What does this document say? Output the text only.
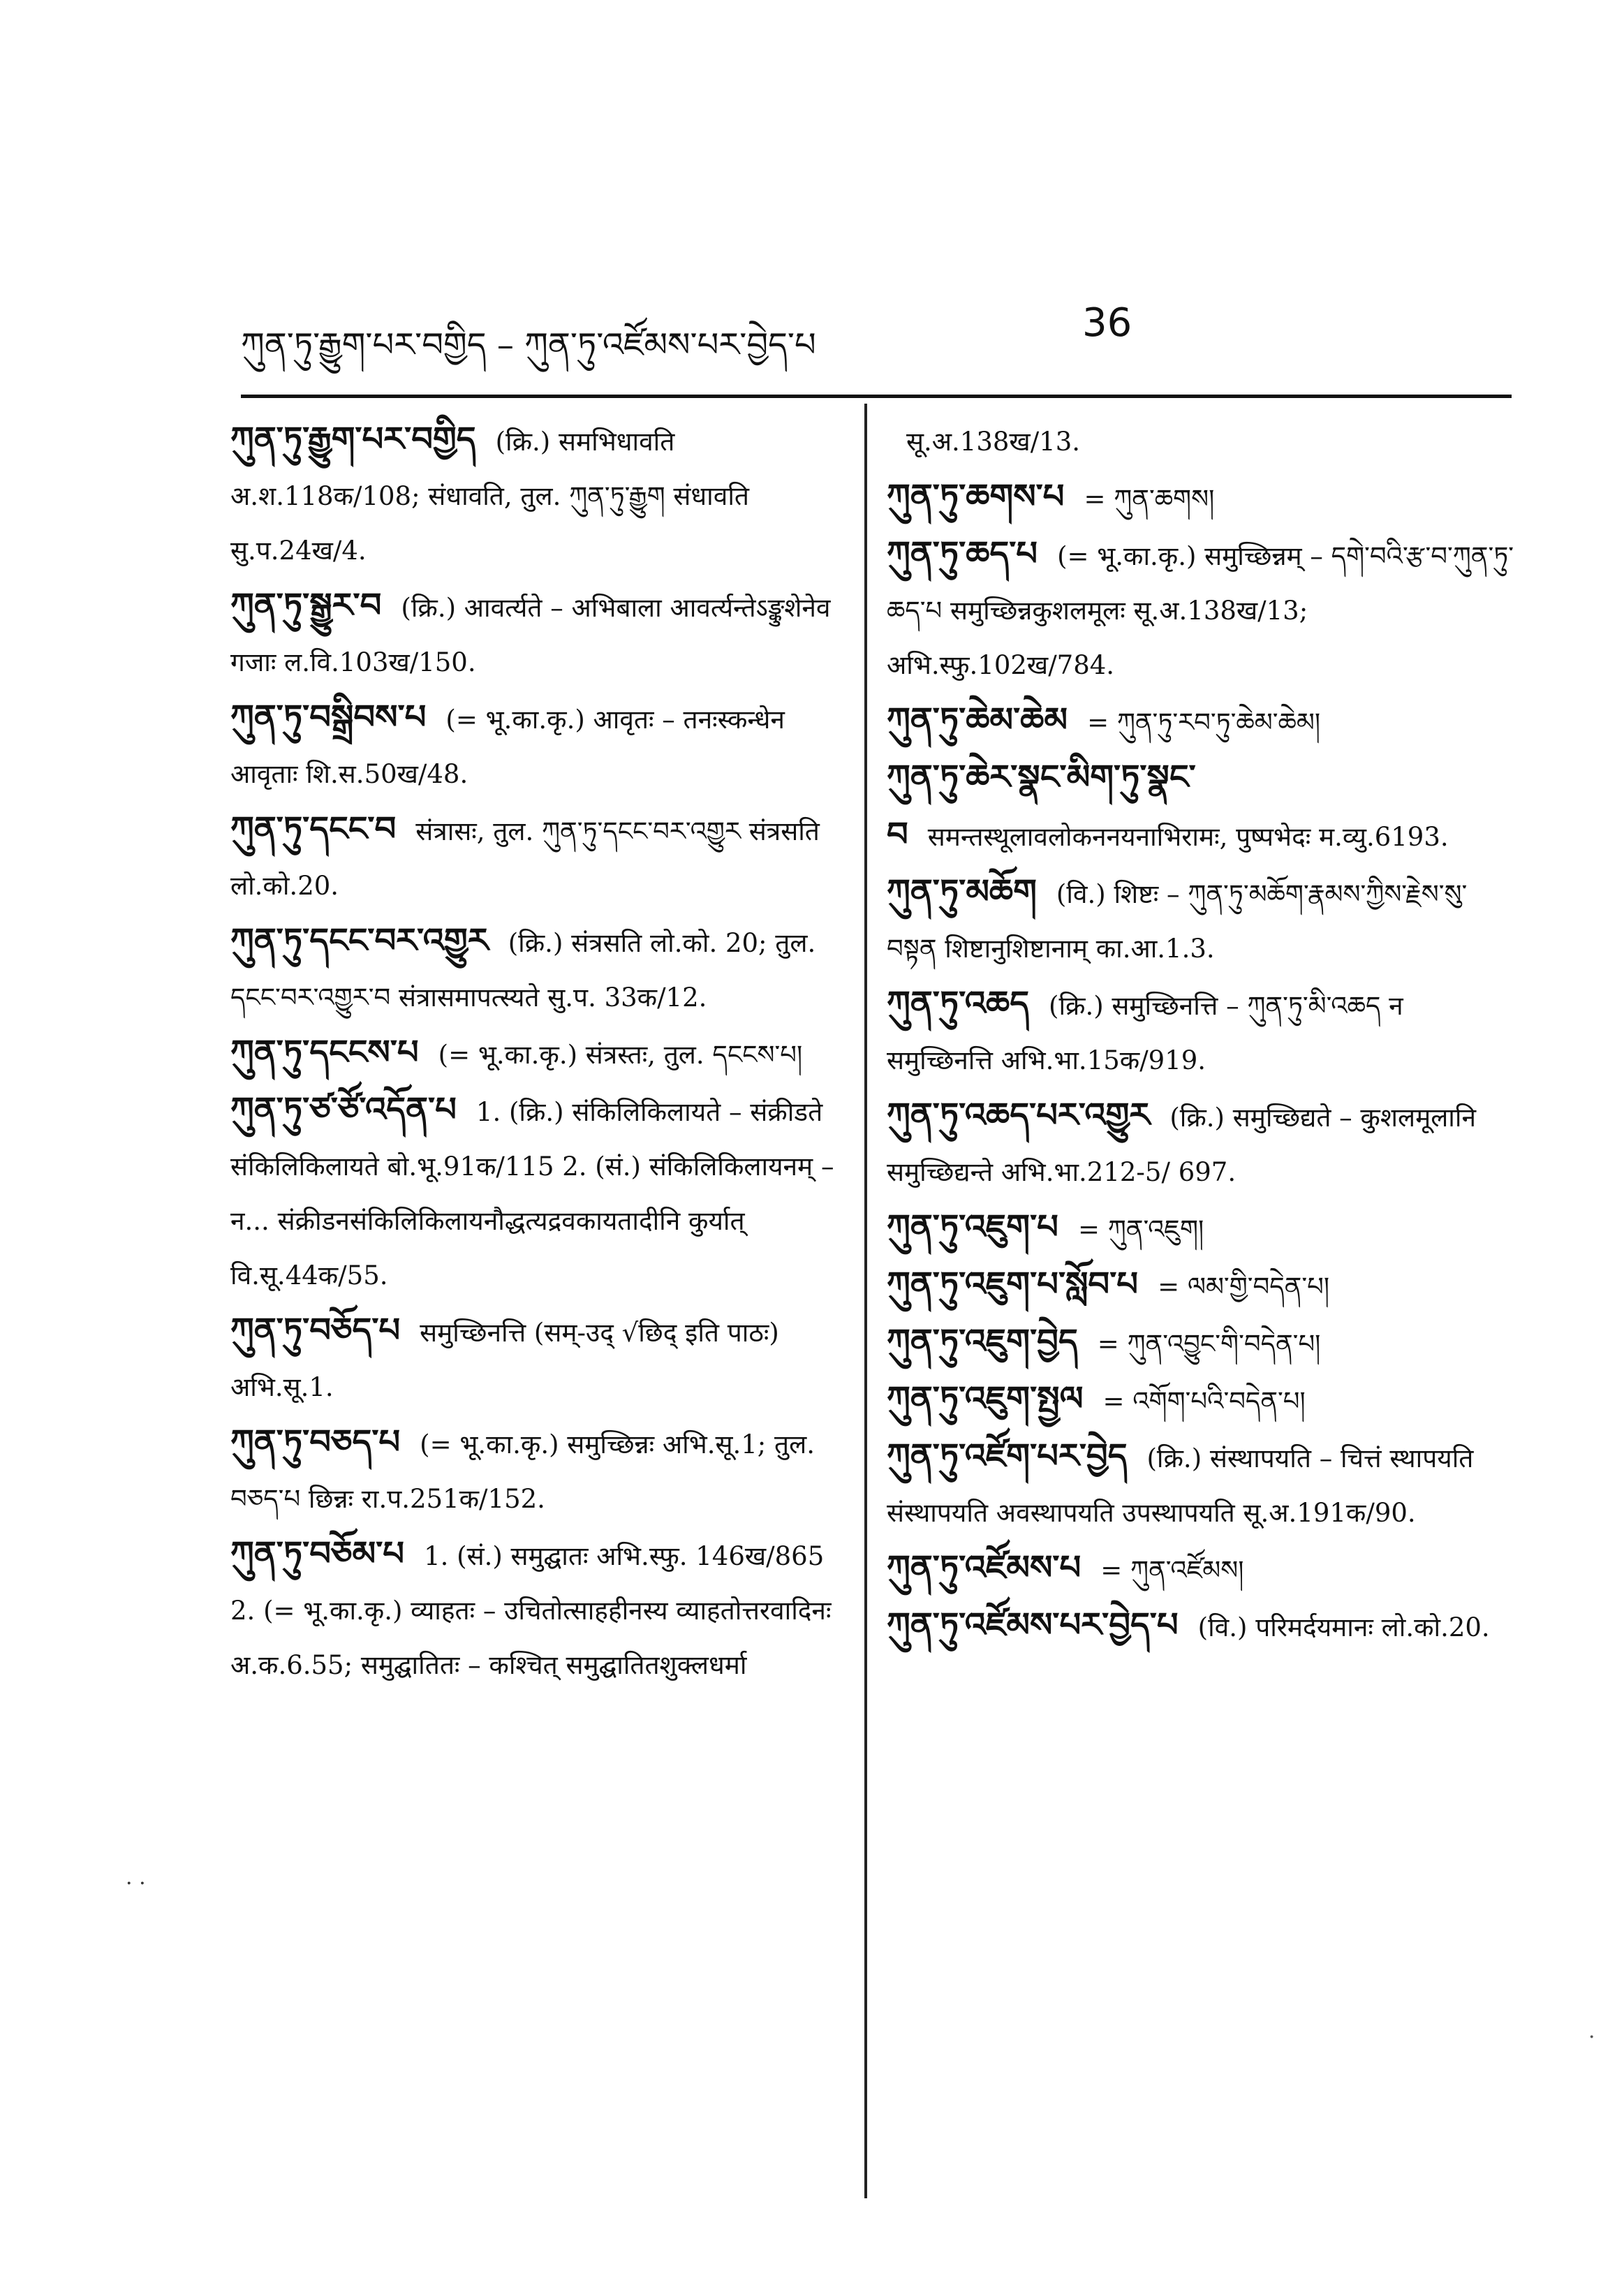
ཀུན་ཏུ་རྒྱུག་པར་བགྱིད – ཀུན་ཏུ་འཛོམས་པར་བྱེད་པ	36

ཀུན་ཏུ་རྒྱུག་པར་བགྱིད (क्रि.) समभिधावति अ.श.118क/108; संधावति, तुल. ཀུན་ཏུ་རྒྱུག संधावति सु.प.24ख/4.

ཀུན་ཏུ་སྒྱུར་བ (क्रि.) आवर्त्यते – अभिबाला आवर्त्यन्तेऽङ्कुशेनेव गजाः ल.वि.103ख/150.

ཀུན་ཏུ་བསྒྲིབས་པ (= भू.का.कृ.) आवृतः – तनःस्कन्धेन आवृताः शि.स.50ख/48.

ཀུན་ཏུ་དངང་བ संत्रासः, तुल. ཀུན་ཏུ་དངང་བར་འགྱུར संत्रसति लो.को.20.

ཀུན་ཏུ་དངང་བར་འགྱུར (क्रि.) संत्रसति लो.को. 20; तुल. དངང་བར་འགྱུར་བ संत्रासमापत्स्यते सु.प. 33क/12.

ཀུན་ཏུ་དངངས་པ (= भू.का.कृ.) संत्रस्तः, तुल. དངངས་པ།

ཀུན་ཏུ་ཙ་ཙོ་འདོན་པ 1. (क्रि.) संकिलिकिलायते – संक्रीडते संकिलिकिलायते बो.भू.91क/115 2. (सं.) संकिलिकिलायनम् – न... संक्रीडनसंकिलिकिलायनौद्धत्यद्रवकायतादीनि कुर्यात् वि.सू.44क/55.

ཀུན་ཏུ་བཅོད་པ समुच्छिनत्ति (सम्-उद् √छिद् इति पाठः) अभि.सू.1.

ཀུན་ཏུ་བཅད་པ (= भू.का.कृ.) समुच्छिन्नः अभि.सू.1; तुल. བཅད་པ छिन्नः रा.प.251क/152.

ཀུན་ཏུ་བཅོམ་པ 1. (सं.) समुद्घातः अभि.स्फु. 146ख/865 2. (= भू.का.कृ.) व्याहतः – उचितोत्साहहीनस्य व्याहतोत्तरवादिनः अ.क.6.55; समुद्घातितः – कश्चित् समुद्घातितशुक्लधर्मा

सू.अ.138ख/13.

ཀུན་ཏུ་ཆགས་པ = ཀུན་ཆགས།

ཀུན་ཏུ་ཆད་པ (= भू.का.कृ.) समुच्छिन्नम् – དགེ་བའི་རྩ་བ་ཀུན་ཏུ་ཆད་པ समुच्छिन्नकुशलमूलः सू.अ.138ख/13; अभि.स्फु.102ख/784.

ཀུན་ཏུ་ཆེམ་ཆེམ = ཀུན་ཏུ་རབ་ཏུ་ཆེམ་ཆེམ།

ཀུན་ཏུ་ཆེར་སྣང་མིག་ཏུ་སྣང་བ समन्तस्थूलावलोकननयनाभिरामः, पुष्पभेदः म.व्यु.6193.

ཀུན་ཏུ་མཆོག (वि.) शिष्टः – ཀུན་ཏུ་མཆོག་རྣམས་ཀྱིས་རྗེས་སུ་བསྟན शिष्टानुशिष्टानाम् का.आ.1.3.

ཀུན་ཏུ་འཆད (क्रि.) समुच्छिनत्ति – ཀུན་ཏུ་མི་འཆད न समुच्छिनत्ति अभि.भा.15क/919.

ཀུན་ཏུ་འཆད་པར་འགྱུར (क्रि.) समुच्छिद्यते – कुशलमूलानि समुच्छिद्यन्ते अभि.भा.212-5/ 697.

ཀུན་ཏུ་འཇུག་པ = ཀུན་འཇུག།

ཀུན་ཏུ་འཇུག་པ་སློབ་པ = ལམ་གྱི་བདེན་པ།

ཀུན་ཏུ་འཇུག་བྱེད = ཀུན་འབྱུང་གི་བདེན་པ།

ཀུན་ཏུ་འཇུག་སྤྱལ = འགོག་པའི་བདེན་པ།

ཀུན་ཏུ་འཛོག་པར་བྱེད (क्रि.) संस्थापयति – चित्तं स्थापयति संस्थापयति अवस्थापयति उपस्थापयति सू.अ.191क/90.

ཀུན་ཏུ་འཛོམས་པ = ཀུན་འཛོམས།

ཀུན་ཏུ་འཛོམས་པར་བྱེད་པ (वि.) परिमर्दयमानः लो.को.20.

· ·
·
